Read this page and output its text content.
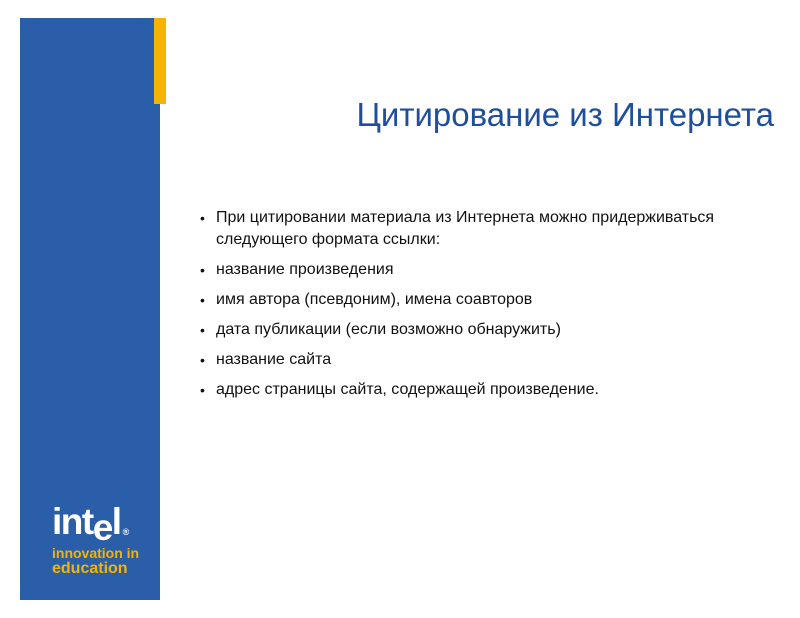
intel ®
innovation in
education
Цитирование из Интернета
• При цитировании материала из Интернета можно придерживаться следующего формата ссылки:
• название произведения
• имя автора (псевдоним), имена соавторов
• дата публикации (если возможно обнаружить)
• название сайта
• адрес страницы сайта, содержащей произведение.
